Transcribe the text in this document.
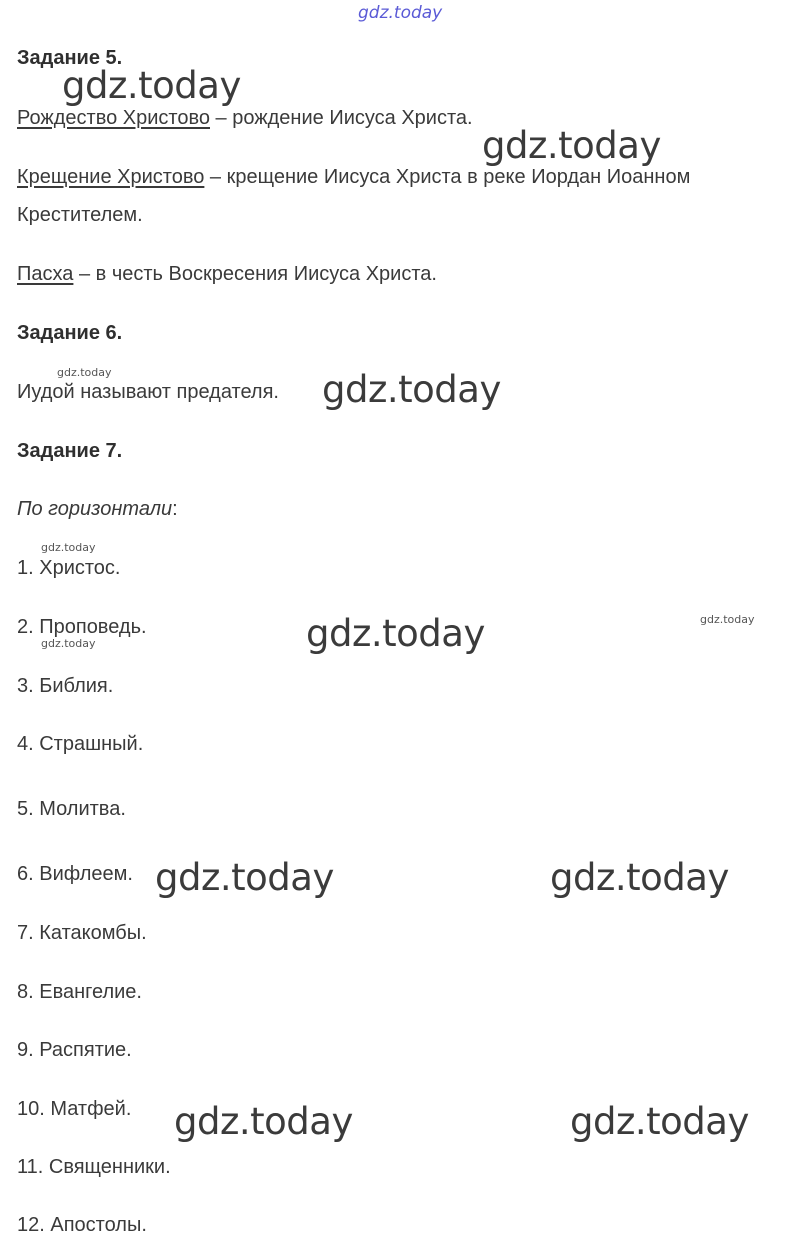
gdz.today
Задание 5.
Рождество Христово – рождение Иисуса Христа.
Крещение Христово – крещение Иисуса Христа в реке Иордан Иоанном
Крестителем.
Пасха – в честь Воскресения Иисуса Христа.
Задание 6.
Иудой называют предателя.
Задание 7.
По горизонтали:
1. Христос.
2. Проповедь.
3. Библия.
4. Страшный.
5. Молитва.
6. Вифлеем.
7. Катакомбы.
8. Евангелие.
9. Распятие.
10. Матфей.
11. Священники.
12. Апостолы.
gdz.today
gdz.today
gdz.today
gdz.today
gdz.today	gdz.today
gdz.today	gdz.today
gdz.today
gdz.today
gdz.today
gdz.today
